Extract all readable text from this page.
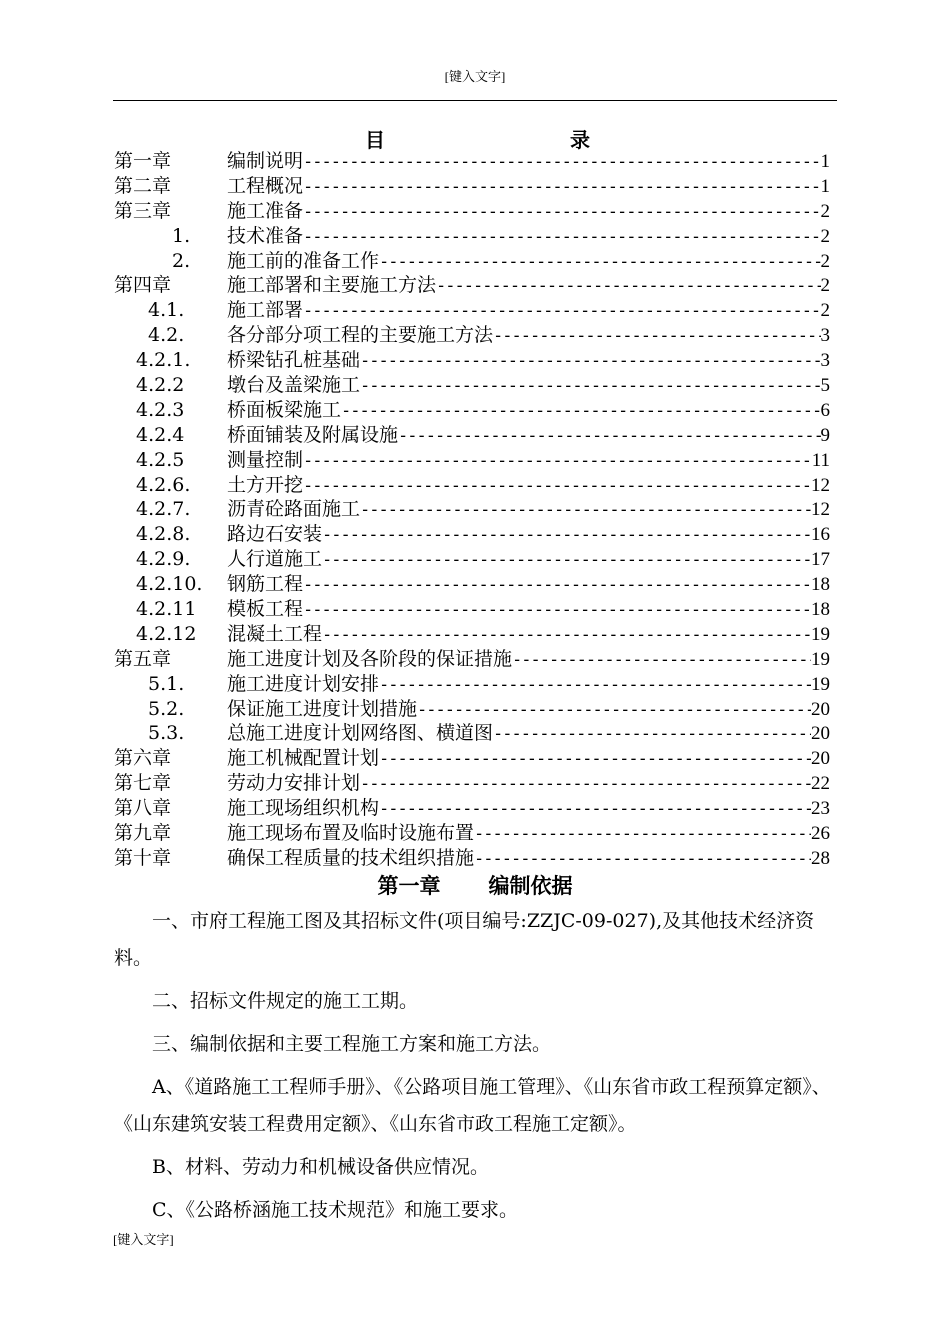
[键入文字]
目	录
第一章	编制说明 -----	1
第二章	工程概况 -----	1
第三章	施工准备 -----	2
1. 技术准备 -----	2
2. 施工前的准备工作 -----	2
第四章	施工部署和主要施工方法 -----	2
4.1. 施工部署 -----	2
4.2. 各分部分项工程的主要施工方法 -----	3
4.2.1. 桥梁钻孔桩基础 -----	3
4.2.2 墩台及盖梁施工 -----	5
4.2.3 桥面板梁施工 -----	6
4.2.4 桥面铺装及附属设施 -----	9
4.2.5 测量控制 -----	11
4.2.6. 土方开挖 -----	12
4.2.7. 沥青砼路面施工 -----	12
4.2.8. 路边石安装 -----	16
4.2.9. 人行道施工 -----	17
4.2.10. 钢筋工程 -----	18
4.2.11 模板工程 -----	18
4.2.12 混凝土工程 -----	19
第五章	施工进度计划及各阶段的保证措施 -----	19
5.1. 施工进度计划安排 -----	19
5.2. 保证施工进度计划措施 -----	20
5.3. 总施工进度计划网络图、横道图 -----	20
第六章	施工机械配置计划 -----	20
第七章	劳动力安排计划 -----	22
第八章	施工现场组织机构 -----	23
第九章	施工现场布置及临时设施布置 -----	26
第十章	确保工程质量的技术组织措施 -----	28
第一章 编制依据

一、市府工程施工图及其招标文件(项目编号:ZZJC-09-027),及其他技术经济资料。

二、招标文件规定的施工工期。

三、编制依据和主要工程施工方案和施工方法。

A、《道路施工工程师手册》、《公路项目施工管理》、《山东省市政工程预算定额》、《山东建筑安装工程费用定额》、《山东省市政工程施工定额》。

B、材料、劳动力和机械设备供应情况。

C、《公路桥涵施工技术规范》和施工要求。

[键入文字]
